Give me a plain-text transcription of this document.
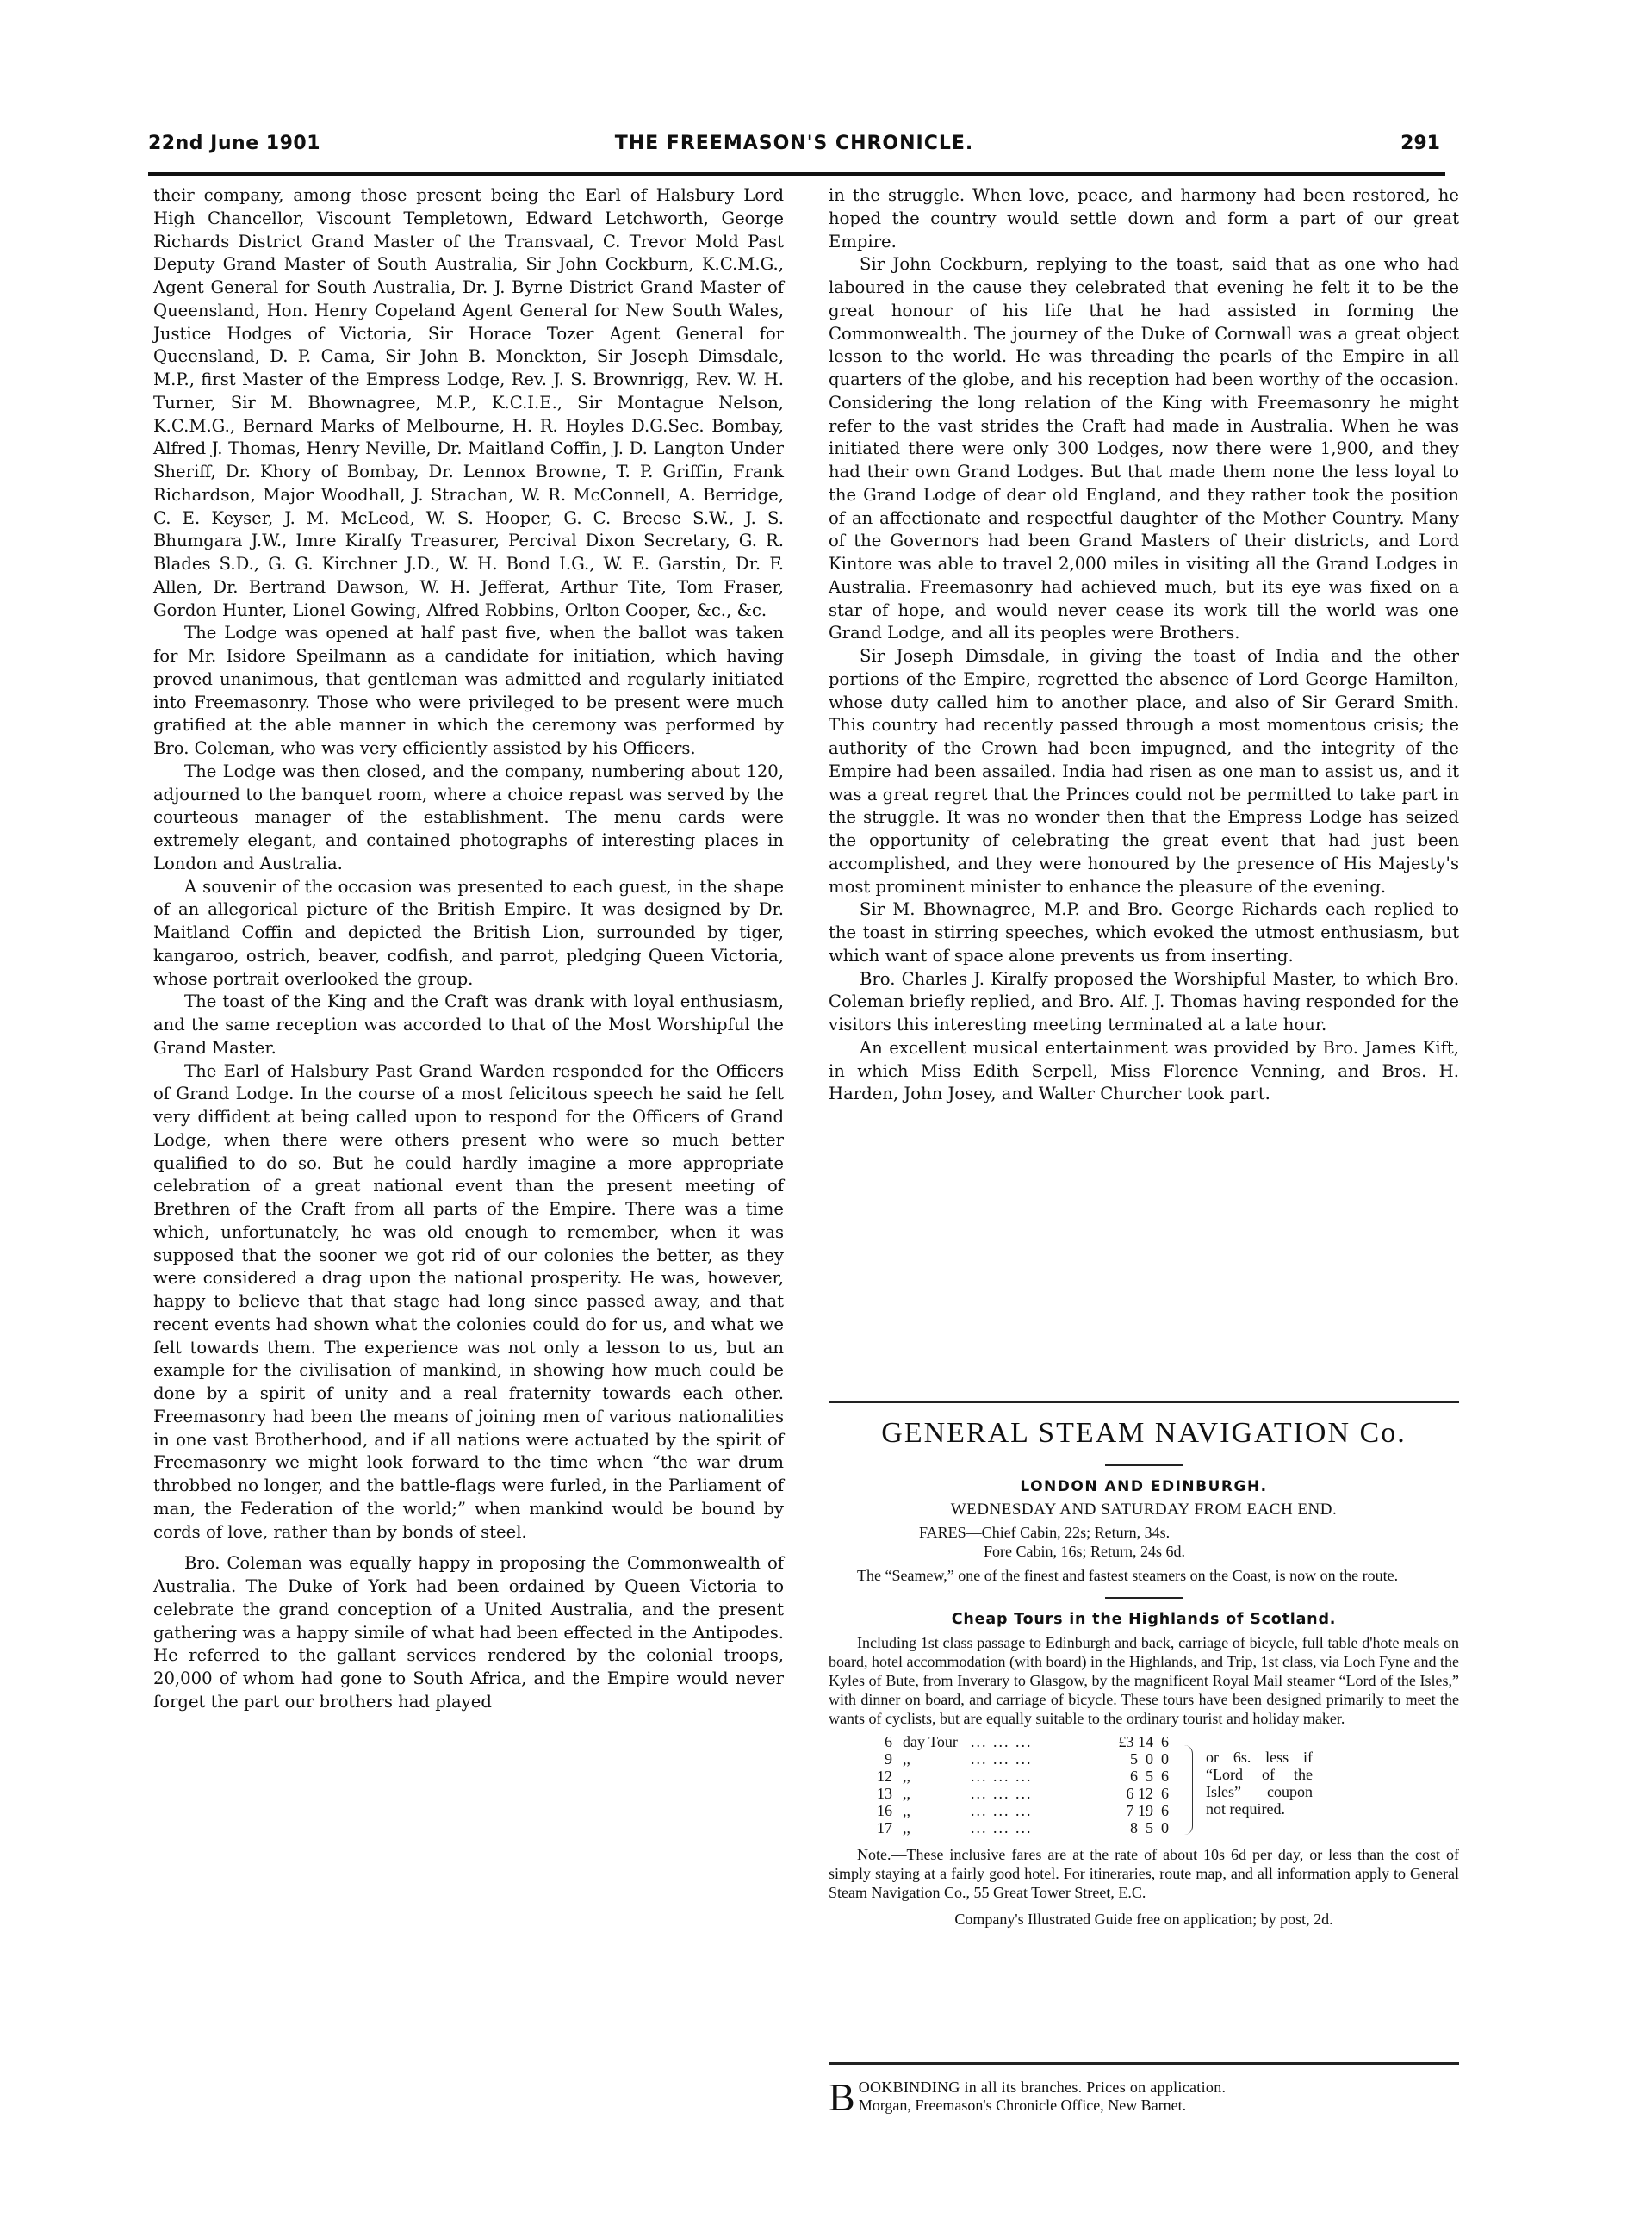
22nd June 1901	THE FREEMASON'S CHRONICLE.	291

their company, among those present being the Earl of Halsbury Lord High Chancellor, Viscount Templetown, Edward Letchworth, George Richards District Grand Master of the Transvaal, C. Trevor Mold Past Deputy Grand Master of South Australia, Sir John Cockburn, K.C.M.G., Agent General for South Australia, Dr. J. Byrne District Grand Master of Queensland, Hon. Henry Copeland Agent General for New South Wales, Justice Hodges of Victoria, Sir Horace Tozer Agent General for Queensland, D. P. Cama, Sir John B. Monckton, Sir Joseph Dimsdale, M.P., first Master of the Empress Lodge, Rev. J. S. Brownrigg, Rev. W. H. Turner, Sir M. Bhownagree, M.P., K.C.I.E., Sir Montague Nelson, K.C.M.G., Bernard Marks of Melbourne, H. R. Hoyles D.G.Sec. Bombay, Alfred J. Thomas, Henry Neville, Dr. Maitland Coffin, J. D. Langton Under Sheriff, Dr. Khory of Bombay, Dr. Lennox Browne, T. P. Griffin, Frank Richardson, Major Woodhall, J. Strachan, W. R. McConnell, A. Berridge, C. E. Keyser, J. M. McLeod, W. S. Hooper, G. C. Breese S.W., J. S. Bhumgara J.W., Imre Kiralfy Treasurer, Percival Dixon Secretary, G. R. Blades S.D., G. G. Kirchner J.D., W. H. Bond I.G., W. E. Garstin, Dr. F. Allen, Dr. Bertrand Dawson, W. H. Jefferat, Arthur Tite, Tom Fraser, Gordon Hunter, Lionel Gowing, Alfred Robbins, Orlton Cooper, &c., &c.

The Lodge was opened at half past five, when the ballot was taken for Mr. Isidore Speilmann as a candidate for initiation, which having proved unanimous, that gentleman was admitted and regularly initiated into Freemasonry. Those who were privileged to be present were much gratified at the able manner in which the ceremony was performed by Bro. Coleman, who was very efficiently assisted by his Officers.

The Lodge was then closed, and the company, numbering about 120, adjourned to the banquet room, where a choice repast was served by the courteous manager of the establishment. The menu cards were extremely elegant, and contained photographs of interesting places in London and Australia.

A souvenir of the occasion was presented to each guest, in the shape of an allegorical picture of the British Empire. It was designed by Dr. Maitland Coffin and depicted the British Lion, surrounded by tiger, kangaroo, ostrich, beaver, codfish, and parrot, pledging Queen Victoria, whose portrait overlooked the group.

The toast of the King and the Craft was drank with loyal enthusiasm, and the same reception was accorded to that of the Most Worshipful the Grand Master.

The Earl of Halsbury Past Grand Warden responded for the Officers of Grand Lodge. In the course of a most felicitous speech he said he felt very diffident at being called upon to respond for the Officers of Grand Lodge, when there were others present who were so much better qualified to do so. But he could hardly imagine a more appropriate celebration of a great national event than the present meeting of Brethren of the Craft from all parts of the Empire. There was a time which, unfortunately, he was old enough to remember, when it was supposed that the sooner we got rid of our colonies the better, as they were considered a drag upon the national prosperity. He was, however, happy to believe that that stage had long since passed away, and that recent events had shown what the colonies could do for us, and what we felt towards them. The experience was not only a lesson to us, but an example for the civilisation of mankind, in showing how much could be done by a spirit of unity and a real fraternity towards each other. Freemasonry had been the means of joining men of various nationalities in one vast Brotherhood, and if all nations were actuated by the spirit of Freemasonry we might look forward to the time when “the war drum throbbed no longer, and the battle-flags were furled, in the Parliament of man, the Federation of the world;” when mankind would be bound by cords of love, rather than by bonds of steel.

Bro. Coleman was equally happy in proposing the Commonwealth of Australia. The Duke of York had been ordained by Queen Victoria to celebrate the grand conception of a United Australia, and the present gathering was a happy simile of what had been effected in the Antipodes. He referred to the gallant services rendered by the colonial troops, 20,000 of whom had gone to South Africa, and the Empire would never forget the part our brothers had played

in the struggle. When love, peace, and harmony had been restored, he hoped the country would settle down and form a part of our great Empire.

Sir John Cockburn, replying to the toast, said that as one who had laboured in the cause they celebrated that evening he felt it to be the great honour of his life that he had assisted in forming the Commonwealth. The journey of the Duke of Cornwall was a great object lesson to the world. He was threading the pearls of the Empire in all quarters of the globe, and his reception had been worthy of the occasion. Considering the long relation of the King with Freemasonry he might refer to the vast strides the Craft had made in Australia. When he was initiated there were only 300 Lodges, now there were 1,900, and they had their own Grand Lodges. But that made them none the less loyal to the Grand Lodge of dear old England, and they rather took the position of an affectionate and respectful daughter of the Mother Country. Many of the Governors had been Grand Masters of their districts, and Lord Kintore was able to travel 2,000 miles in visiting all the Grand Lodges in Australia. Freemasonry had achieved much, but its eye was fixed on a star of hope, and would never cease its work till the world was one Grand Lodge, and all its peoples were Brothers.

Sir Joseph Dimsdale, in giving the toast of India and the other portions of the Empire, regretted the absence of Lord George Hamilton, whose duty called him to another place, and also of Sir Gerard Smith. This country had recently passed through a most momentous crisis; the authority of the Crown had been impugned, and the integrity of the Empire had been assailed. India had risen as one man to assist us, and it was a great regret that the Princes could not be permitted to take part in the struggle. It was no wonder then that the Empress Lodge has seized the opportunity of celebrating the great event that had just been accomplished, and they were honoured by the presence of His Majesty's most prominent minister to enhance the pleasure of the evening.

Sir M. Bhownagree, M.P. and Bro. George Richards each replied to the toast in stirring speeches, which evoked the utmost enthusiasm, but which want of space alone prevents us from inserting.

Bro. Charles J. Kiralfy proposed the Worshipful Master, to which Bro. Coleman briefly replied, and Bro. Alf. J. Thomas having responded for the visitors this interesting meeting terminated at a late hour.

An excellent musical entertainment was provided by Bro. James Kift, in which Miss Edith Serpell, Miss Florence Venning, and Bros. H. Harden, John Josey, and Walter Churcher took part.

GENERAL STEAM NAVIGATION Co.
LONDON AND EDINBURGH.
WEDNESDAY AND SATURDAY FROM EACH END.
FARES—Chief Cabin, 22s; Return, 34s.
Fore Cabin, 16s; Return, 24s 6d.
The “Seamew,” one of the finest and fastest steamers on the Coast, is now on the route.
Cheap Tours in the Highlands of Scotland.
Including 1st class passage to Edinburgh and back, carriage of bicycle, full table d'hote meals on board, hotel accommodation (with board) in the Highlands, and Trip, 1st class, via Loch Fyne and the Kyles of Bute, from Inverary to Glasgow, by the magnificent Royal Mail steamer “Lord of the Isles,” with dinner on board, and carriage of bicycle. These tours have been designed primarily to meet the wants of cyclists, but are equally suitable to the ordinary tourist and holiday maker.
6 day Tour ... ... ...	£3 14  6
9 ,,	... ... ...	5  0  0
12 ,,	... ... ...	6  5  6
13 ,,	... ... ...	6 12  6
16 ,,	... ... ...	7 19  6
17 ,,	... ... ...	8  5  0
or 6s. less if “Lord of the Isles” coupon not required.
Note.—These inclusive fares are at the rate of about 10s 6d per day, or less than the cost of simply staying at a fairly good hotel. For itineraries, route map, and all information apply to General Steam Navigation Co., 55 Great Tower Street, E.C.
Company's Illustrated Guide free on application; by post, 2d.
B OOKBINDING in all its branches. Prices on application.
Morgan, Freemason's Chronicle Office, New Barnet.
